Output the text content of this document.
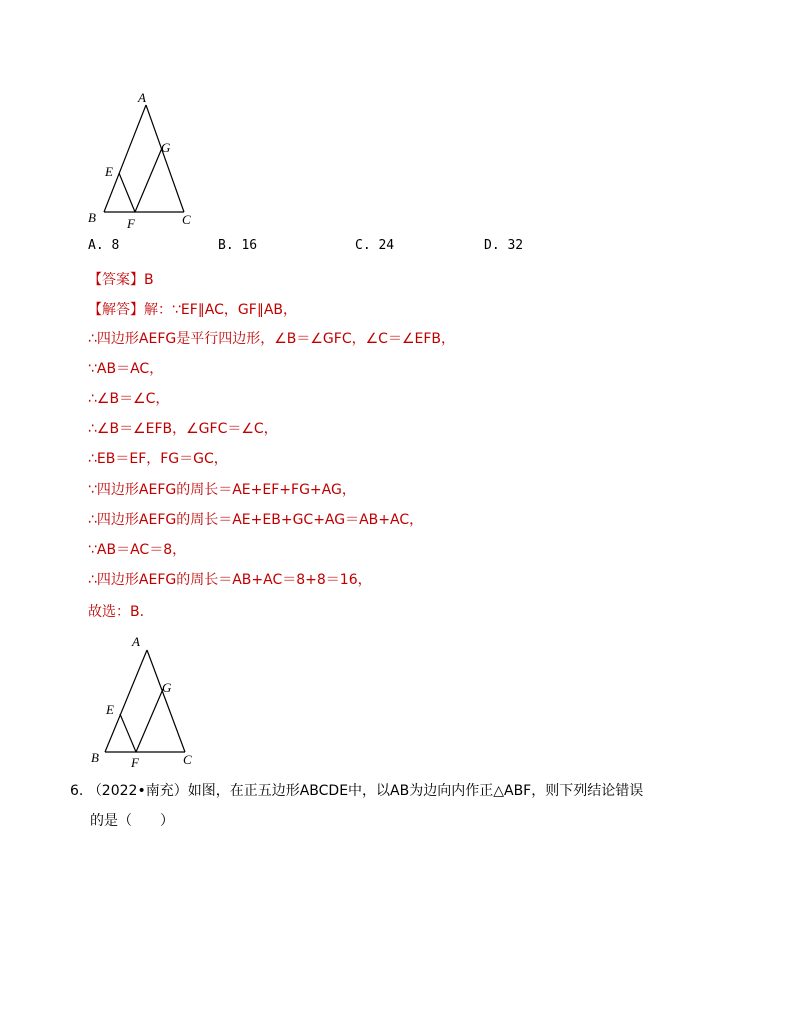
A
B	C
E
F
G
A. 8	B. 16	C. 24	D. 32
【答案】B
【解答】解：∵EF∥AC，GF∥AB，
∴四边形AEFG是平行四边形，∠B＝∠GFC，∠C＝∠EFB，
∵AB＝AC，
∴∠B＝∠C，
∴∠B＝∠EFB，∠GFC＝∠C，
∴EB＝EF，FG＝GC，
∵四边形AEFG的周长＝AE+EF+FG+AG，
∴四边形AEFG的周长＝AE+EB+GC+AG＝AB+AC，
∵AB＝AC＝8，
∴四边形AEFG的周长＝AB+AC＝8+8＝16，
故选：B.
A
B	C
E
F
G
6. （2022•南充）如图，在正五边形ABCDE中，以AB为边向内作正△ABF，则下列结论错误
的是（　　）
